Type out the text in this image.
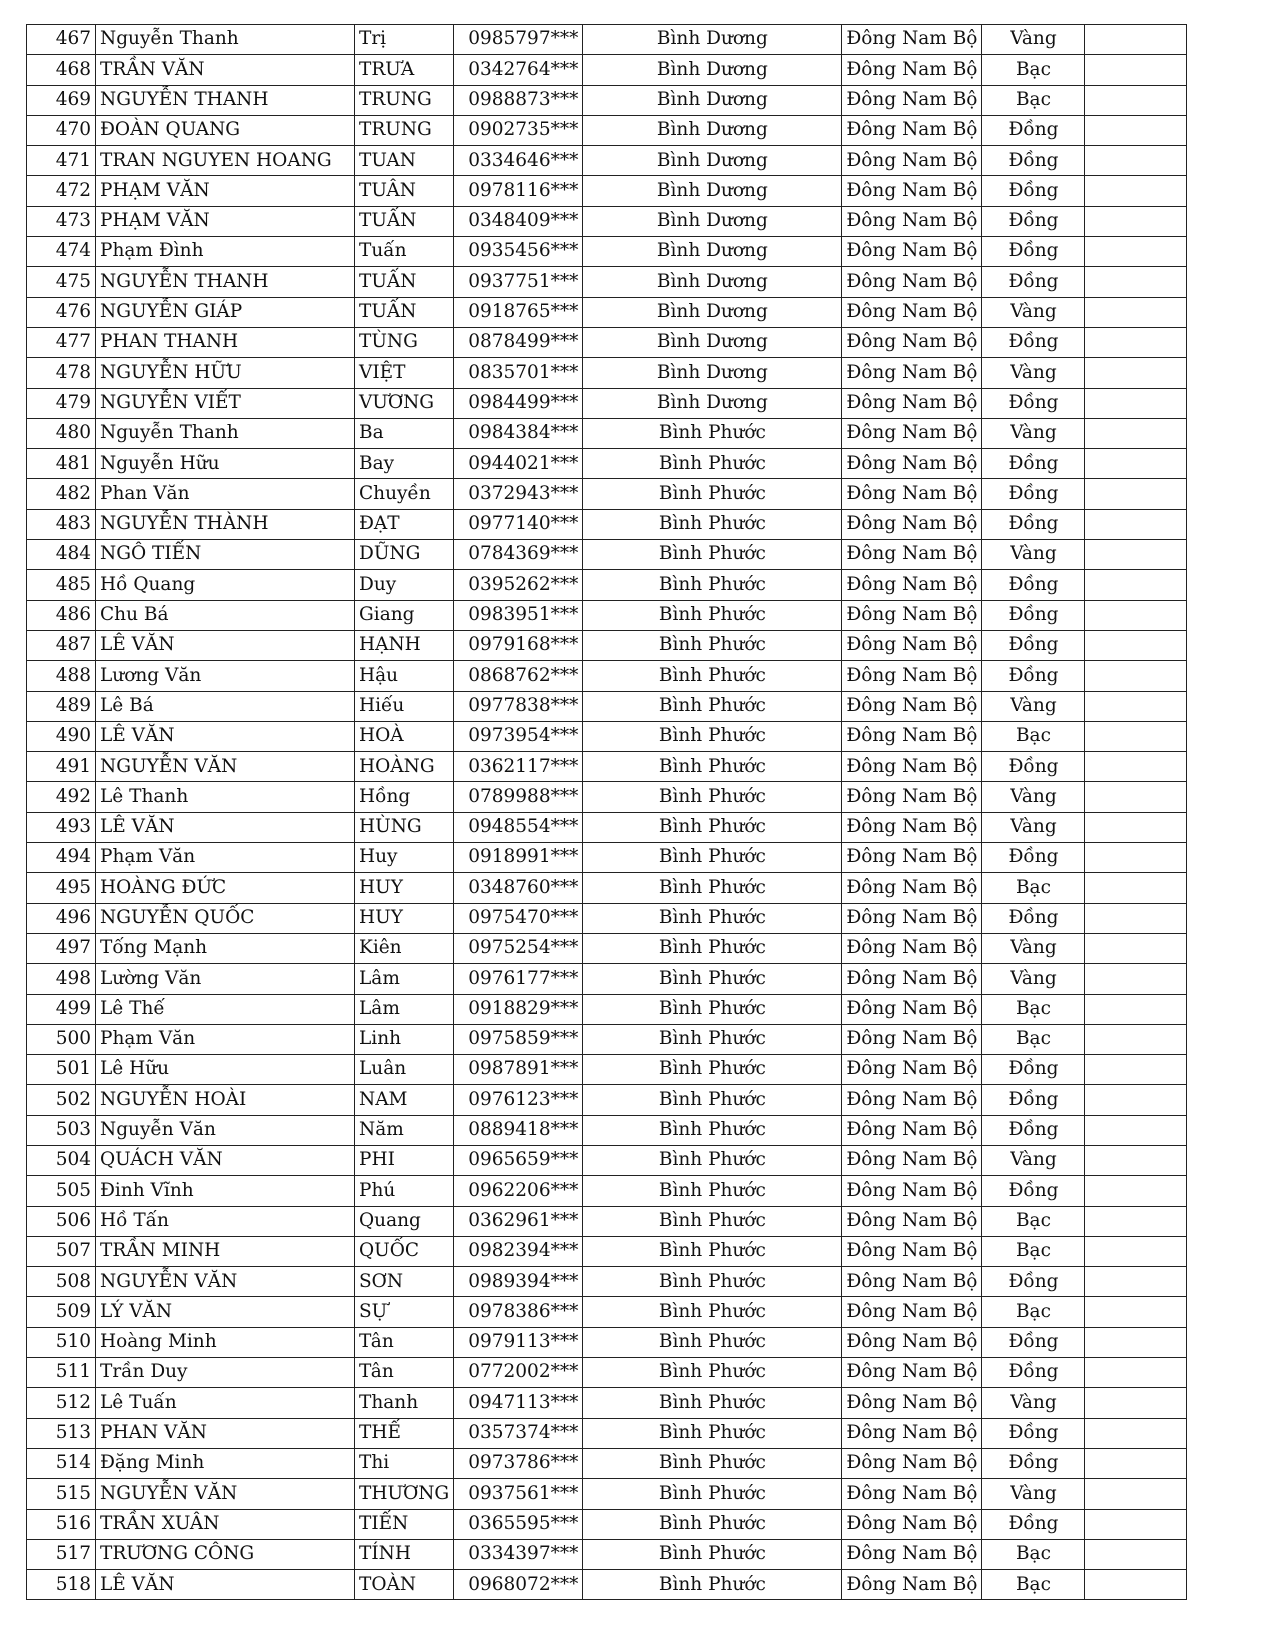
467	Nguyễn Thanh	Trị	0985797***	Bình Dương	Đông Nam Bộ	Vàng	
468	TRẦN VĂN	TRƯA	0342764***	Bình Dương	Đông Nam Bộ	Bạc	
469	NGUYỄN THANH	TRUNG	0988873***	Bình Dương	Đông Nam Bộ	Bạc	
470	ĐOÀN QUANG	TRUNG	0902735***	Bình Dương	Đông Nam Bộ	Đồng	
471	TRAN NGUYEN HOANG	TUAN	0334646***	Bình Dương	Đông Nam Bộ	Đồng	
472	PHẠM VĂN	TUÂN	0978116***	Bình Dương	Đông Nam Bộ	Đồng	
473	PHẠM VĂN	TUẤN	0348409***	Bình Dương	Đông Nam Bộ	Đồng	
474	Phạm Đình	Tuấn	0935456***	Bình Dương	Đông Nam Bộ	Đồng	
475	NGUYỄN THANH	TUẤN	0937751***	Bình Dương	Đông Nam Bộ	Đồng	
476	NGUYỄN GIÁP	TUẤN	0918765***	Bình Dương	Đông Nam Bộ	Vàng	
477	PHAN THANH	TÙNG	0878499***	Bình Dương	Đông Nam Bộ	Đồng	
478	NGUYỄN HỮU	VIỆT	0835701***	Bình Dương	Đông Nam Bộ	Vàng	
479	NGUYỄN VIẾT	VƯƠNG	0984499***	Bình Dương	Đông Nam Bộ	Đồng	
480	Nguyễn Thanh	Ba	0984384***	Bình Phước	Đông Nam Bộ	Vàng	
481	Nguyễn Hữu	Bay	0944021***	Bình Phước	Đông Nam Bộ	Đồng	
482	Phan Văn	Chuyền	0372943***	Bình Phước	Đông Nam Bộ	Đồng	
483	NGUYỄN THÀNH	ĐẠT	0977140***	Bình Phước	Đông Nam Bộ	Đồng	
484	NGÔ TIẾN	DŨNG	0784369***	Bình Phước	Đông Nam Bộ	Vàng	
485	Hồ Quang	Duy	0395262***	Bình Phước	Đông Nam Bộ	Đồng	
486	Chu Bá	Giang	0983951***	Bình Phước	Đông Nam Bộ	Đồng	
487	LÊ VĂN	HẠNH	0979168***	Bình Phước	Đông Nam Bộ	Đồng	
488	Lương Văn	Hậu	0868762***	Bình Phước	Đông Nam Bộ	Đồng	
489	Lê Bá	Hiếu	0977838***	Bình Phước	Đông Nam Bộ	Vàng	
490	LÊ VĂN	HOÀ	0973954***	Bình Phước	Đông Nam Bộ	Bạc	
491	NGUYỄN VĂN	HOÀNG	0362117***	Bình Phước	Đông Nam Bộ	Đồng	
492	Lê Thanh	Hồng	0789988***	Bình Phước	Đông Nam Bộ	Vàng	
493	LÊ VĂN	HÙNG	0948554***	Bình Phước	Đông Nam Bộ	Vàng	
494	Phạm Văn	Huy	0918991***	Bình Phước	Đông Nam Bộ	Đồng	
495	HOÀNG ĐỨC	HUY	0348760***	Bình Phước	Đông Nam Bộ	Bạc	
496	NGUYỄN QUỐC	HUY	0975470***	Bình Phước	Đông Nam Bộ	Đồng	
497	Tống Mạnh	Kiên	0975254***	Bình Phước	Đông Nam Bộ	Vàng	
498	Lường Văn	Lâm	0976177***	Bình Phước	Đông Nam Bộ	Vàng	
499	Lê Thế	Lâm	0918829***	Bình Phước	Đông Nam Bộ	Bạc	
500	Phạm Văn	Linh	0975859***	Bình Phước	Đông Nam Bộ	Bạc	
501	Lê Hữu	Luân	0987891***	Bình Phước	Đông Nam Bộ	Đồng	
502	NGUYỄN HOÀI	NAM	0976123***	Bình Phước	Đông Nam Bộ	Đồng	
503	Nguyễn Văn	Năm	0889418***	Bình Phước	Đông Nam Bộ	Đồng	
504	QUÁCH VĂN	PHI	0965659***	Bình Phước	Đông Nam Bộ	Vàng	
505	Đinh Vĩnh	Phú	0962206***	Bình Phước	Đông Nam Bộ	Đồng	
506	Hồ Tấn	Quang	0362961***	Bình Phước	Đông Nam Bộ	Bạc	
507	TRẦN MINH	QUỐC	0982394***	Bình Phước	Đông Nam Bộ	Bạc	
508	NGUYỄN VĂN	SƠN	0989394***	Bình Phước	Đông Nam Bộ	Đồng	
509	LÝ VĂN	SỰ	0978386***	Bình Phước	Đông Nam Bộ	Bạc	
510	Hoàng Minh	Tân	0979113***	Bình Phước	Đông Nam Bộ	Đồng	
511	Trần Duy	Tân	0772002***	Bình Phước	Đông Nam Bộ	Đồng	
512	Lê Tuấn	Thanh	0947113***	Bình Phước	Đông Nam Bộ	Vàng	
513	PHAN VĂN	THẾ	0357374***	Bình Phước	Đông Nam Bộ	Đồng	
514	Đặng Minh	Thi	0973786***	Bình Phước	Đông Nam Bộ	Đồng	
515	NGUYỄN VĂN	THƯƠNG	0937561***	Bình Phước	Đông Nam Bộ	Vàng	
516	TRẦN XUÂN	TIẾN	0365595***	Bình Phước	Đông Nam Bộ	Đồng	
517	TRƯƠNG CÔNG	TÍNH	0334397***	Bình Phước	Đông Nam Bộ	Bạc	
518	LÊ VĂN	TOÀN	0968072***	Bình Phước	Đông Nam Bộ	Bạc	
